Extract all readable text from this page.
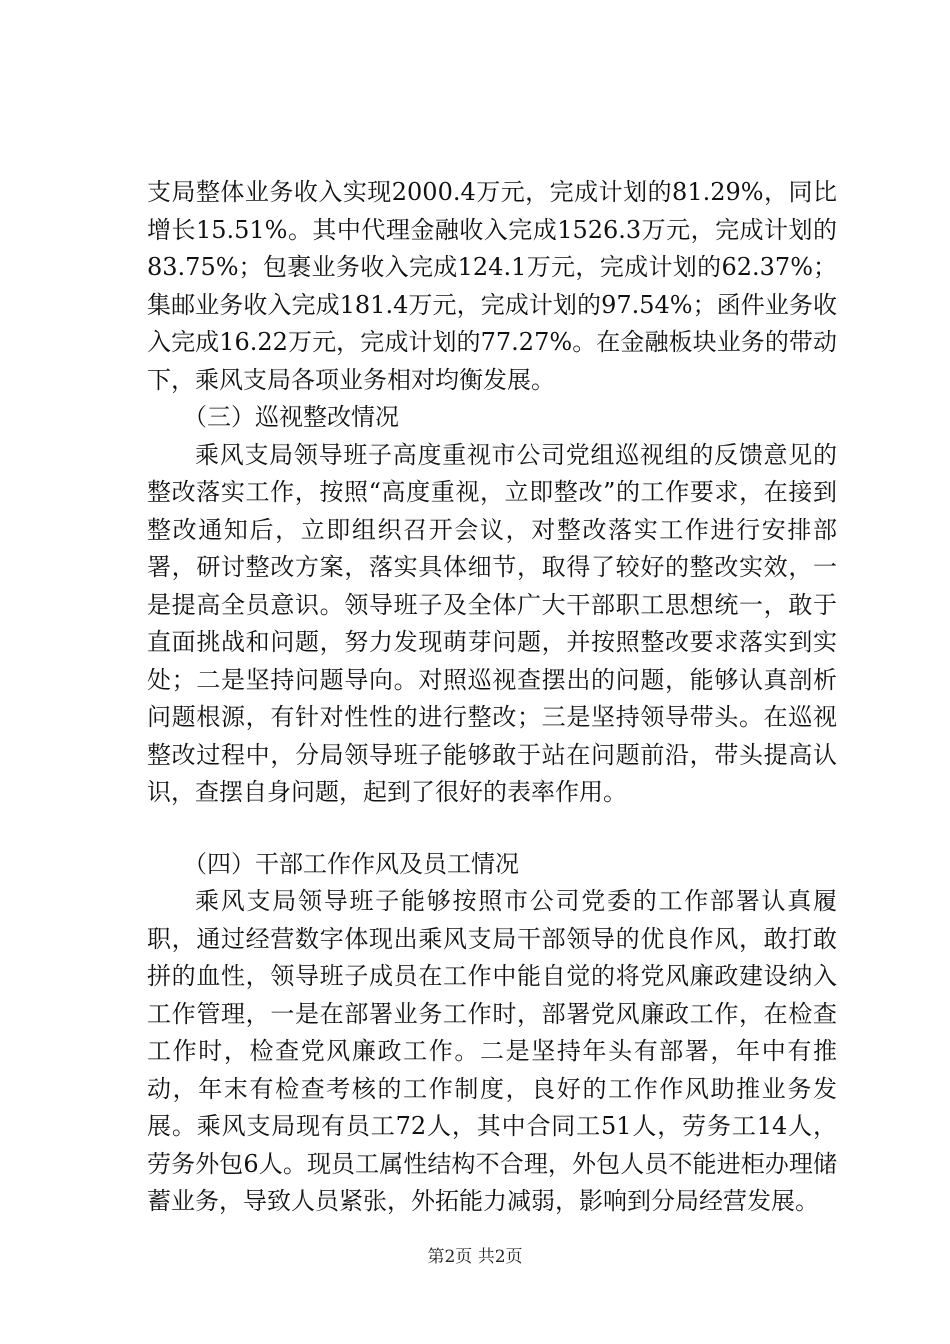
支局整体业务收入实现2000.4万元，完成计划的81.29%，同比增长15.51%。其中代理金融收入完成1526.3万元，完成计划的83.75%；包裹业务收入完成124.1万元，完成计划的62.37%；集邮业务收入完成181.4万元，完成计划的97.54%；函件业务收入完成16.22万元，完成计划的77.27%。在金融板块业务的带动下，乘风支局各项业务相对均衡发展。

（三）巡视整改情况

乘风支局领导班子高度重视市公司党组巡视组的反馈意见的整改落实工作，按照“高度重视，立即整改”的工作要求，在接到整改通知后，立即组织召开会议，对整改落实工作进行安排部署，研讨整改方案，落实具体细节，取得了较好的整改实效，一是提高全员意识。领导班子及全体广大干部职工思想统一，敢于直面挑战和问题，努力发现萌芽问题，并按照整改要求落实到实处；二是坚持问题导向。对照巡视查摆出的问题，能够认真剖析问题根源，有针对性性的进行整改；三是坚持领导带头。在巡视整改过程中，分局领导班子能够敢于站在问题前沿，带头提高认识，查摆自身问题，起到了很好的表率作用。

（四）干部工作作风及员工情况

乘风支局领导班子能够按照市公司党委的工作部署认真履职，通过经营数字体现出乘风支局干部领导的优良作风，敢打敢拼的血性，领导班子成员在工作中能自觉的将党风廉政建设纳入工作管理，一是在部署业务工作时，部署党风廉政工作，在检查工作时，检查党风廉政工作。二是坚持年头有部署，年中有推动，年末有检查考核的工作制度，良好的工作作风助推业务发展。乘风支局现有员工72人，其中合同工51人，劳务工14人，劳务外包6人。现员工属性结构不合理，外包人员不能进柜办理储蓄业务，导致人员紧张，外拓能力减弱，影响到分局经营发展。

第2页 共2页
